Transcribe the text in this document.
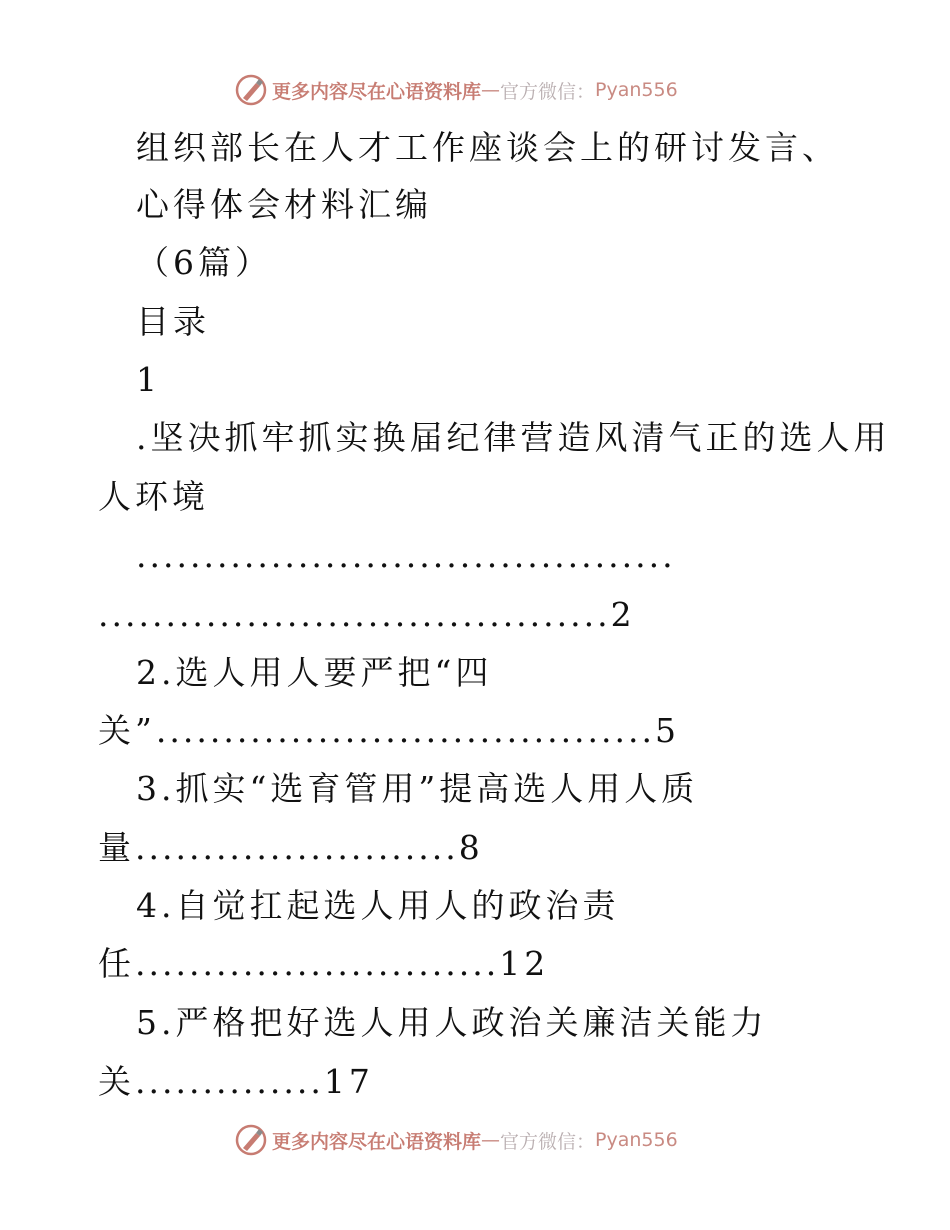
更多内容尽在心语资料库 — 官方微信： Pyan556
组织部长在人才工作座谈会上的研讨发言、
心得体会材料汇编
（6篇）
目录
1
.坚决抓牢抓实换届纪律营造风清气正的选人用
人环境
........................................
......................................2
2.选人用人要严把“四
关”.....................................5
3.抓实“选育管用”提高选人用人质
量........................8
4.自觉扛起选人用人的政治责
任...........................12
5.严格把好选人用人政治关廉洁关能力
关..............17
更多内容尽在心语资料库 — 官方微信： Pyan556
